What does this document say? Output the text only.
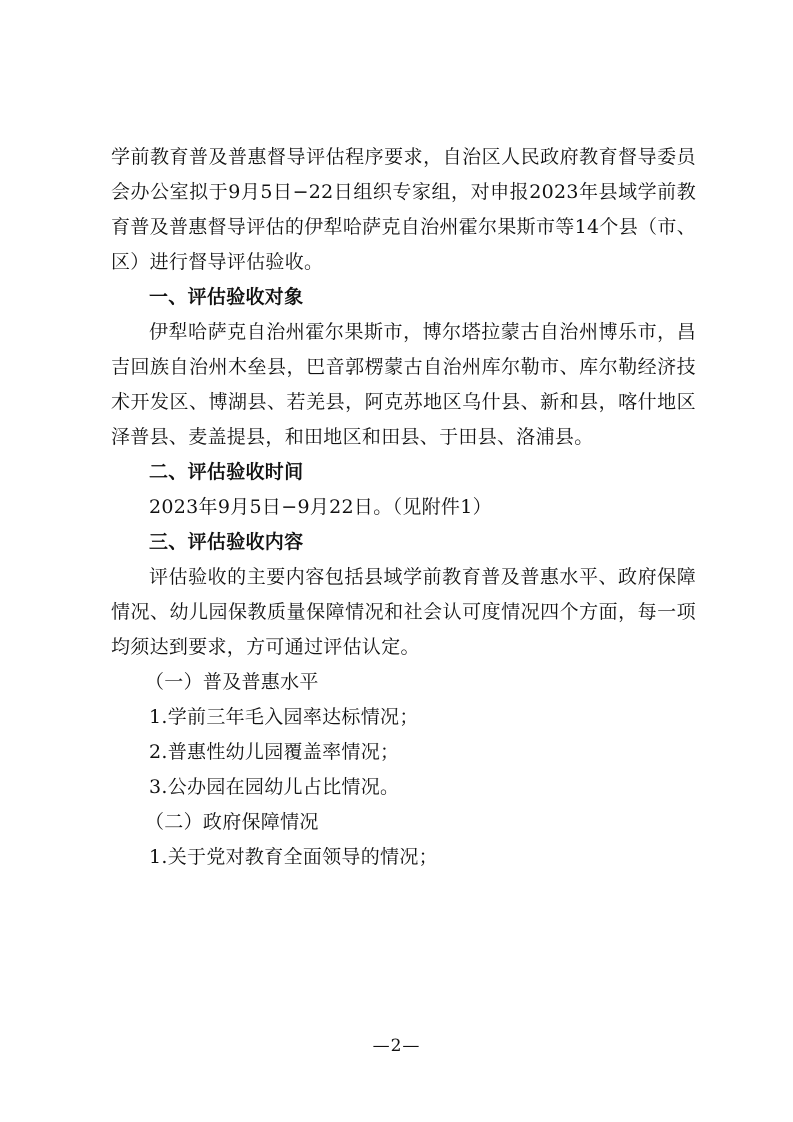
学前教育普及普惠督导评估程序要求，自治区人民政府教育督导委员会办公室拟于9月5日−22日组织专家组，对申报2023年县域学前教育普及普惠督导评估的伊犁哈萨克自治州霍尔果斯市等14个县（市、区）进行督导评估验收。

一、评估验收对象

伊犁哈萨克自治州霍尔果斯市，博尔塔拉蒙古自治州博乐市，昌吉回族自治州木垒县，巴音郭楞蒙古自治州库尔勒市、库尔勒经济技术开发区、博湖县、若羌县，阿克苏地区乌什县、新和县，喀什地区泽普县、麦盖提县，和田地区和田县、于田县、洛浦县。

二、评估验收时间

2023年9月5日−9月22日。（见附件1）

三、评估验收内容

评估验收的主要内容包括县域学前教育普及普惠水平、政府保障情况、幼儿园保教质量保障情况和社会认可度情况四个方面，每一项均须达到要求，方可通过评估认定。

（一）普及普惠水平

1.学前三年毛入园率达标情况；

2.普惠性幼儿园覆盖率情况；

3.公办园在园幼儿占比情况。

（二）政府保障情况

1.关于党对教育全面领导的情况；

—2—
